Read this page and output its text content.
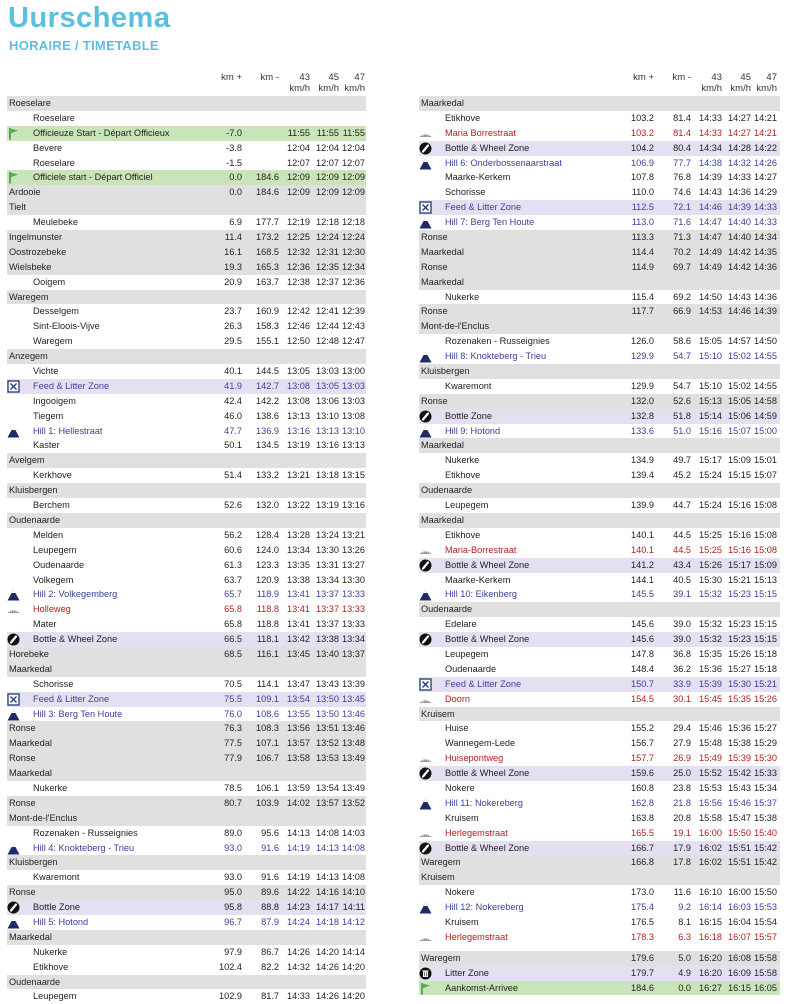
Uurschema
HORAIRE / TIMETABLE
km +	km -	43
km/h
45
km/h
47
km/h
Roeselare
Roeselare
Officieuze Start - Départ Officieux	-7.0	11:55 11:55 11:55
Bevere	-3.8	12:04 12:04 12:04
Roeselare	-1.5	12:07 12:07 12:07
Officiele start - Départ Officiel	0.0	184.6 12:09 12:09 12:09
Ardooie	0.0	184.6 12:09 12:09 12:09
Tielt
Meulebeke	6.9	177.7 12:19 12:18 12:18
Ingelmunster	11.4	173.2 12:25 12:24 12:24
Oostrozebeke	16.1	168.5 12:32 12:31 12:30
Wielsbeke	19.3	165.3 12:36 12:35 12:34
Ooigem	20.9	163.7 12:38 12:37 12:36
Waregem
Desselgem	23.7	160.9 12:42 12:41 12:39
Sint-Eloois-Vijve	26.3	158.3 12:46 12:44 12:43
Waregem	29.5	155.1 12:50 12:48 12:47
Anzegem
Vichte	40.1	144.5 13:05 13:03 13:00
Feed & Litter Zone	41.9	142.7 13:08 13:05 13:03
Ingooigem	42.4	142.2 13:08 13:06 13:03
Tiegem	46.0	138.6 13:13 13:10 13:08
Hill 1: Hellestraat	47.7	136.9 13:16 13:13 13:10
Kaster	50.1	134.5 13:19 13:16 13:13
Avelgem
Kerkhove	51.4	133.2 13:21 13:18 13:15
Kluisbergen
Berchem	52.6	132.0 13:22 13:19 13:16
Oudenaarde
Melden	56.2	128.4 13:28 13:24 13:21
Leupegem	60.6	124.0 13:34 13:30 13:26
Oudenaarde	61.3	123.3 13:35 13:31 13:27
Volkegem	63.7	120.9 13:38 13:34 13:30
Hill 2: Volkegemberg	65.7	118.9 13:41 13:37 13:33
Holleweg	65.8	118.8 13:41 13:37 13:33
Mater	65.8	118.8 13:41 13:37 13:33
Bottle & Wheel Zone	66.5	118.1 13:42 13:38 13:34
Horebeke	68.5	116.1 13:45 13:40 13:37
Maarkedal
Schorisse	70.5	114.1 13:47 13:43 13:39
Feed & Litter Zone	75.5	109.1 13:54 13:50 13:45
Hill 3: Berg Ten Houte	76.0	108.6 13:55 13:50 13:46
Ronse	76.3	108.3 13:56 13:51 13:46
Maarkedal	77.5	107.1 13:57 13:52 13:48
Ronse	77.9	106.7 13:58 13:53 13:49
Maarkedal
Nukerke	78.5	106.1 13:59 13:54 13:49
Ronse	80.7	103.9 14:02 13:57 13:52
Mont-de-l'Enclus
Rozenaken - Russeignies	89.0	95.6 14:13 14:08 14:03
Hill 4: Knokteberg - Trieu	93.0	91.6 14:19 14:13 14:08
Kluisbergen
Kwaremont	93.0	91.6 14:19 14:13 14:08
Ronse	95.0	89.6 14:22 14:16 14:10
Bottle Zone	95.8	88.8 14:23 14:17 14:11
Hill 5: Hotond	96.7	87.9 14:24 14:18 14:12
Maarkedal
Nukerke	97.9	86.7 14:26 14:20 14:14
Etikhove	102.4	82.2 14:32 14:26 14:20
Oudenaarde
Leupegem	102.9	81.7 14:33 14:26 14:20
km +	km -	43
km/h
45
km/h
47
km/h
Maarkedal
Etikhove	103.2	81.4 14:33 14:27 14:21
Maria Borrestraat	103.2	81.4 14:33 14:27 14:21
Bottle & Wheel Zone	104.2	80.4 14:34 14:28 14:22
Hill 6: Onderbossenaarstraat	106.9	77.7 14:38 14:32 14:26
Maarke-Kerkem	107.8	76.8 14:39 14:33 14:27
Schorisse	110.0	74.6 14:43 14:36 14:29
Feed & Litter Zone	112.5	72.1 14:46 14:39 14:33
Hill 7: Berg Ten Houte	113.0	71.6 14:47 14:40 14:33
Ronse	113.3	71.3 14:47 14:40 14:34
Maarkedal	114.4	70.2 14:49 14:42 14:35
Ronse	114.9	69.7 14:49 14:42 14:36
Maarkedal
Nukerke	115.4	69.2 14:50 14:43 14:36
Ronse	117.7	66.9 14:53 14:46 14:39
Mont-de-l'Enclus
Rozenaken - Russeignies	126.0	58.6 15:05 14:57 14:50
Hill 8: Knokteberg - Trieu	129.9	54.7 15:10 15:02 14:55
Kluisbergen
Kwaremont	129.9	54.7 15:10 15:02 14:55
Ronse	132.0	52.6 15:13 15:05 14:58
Bottle Zone	132.8	51.8 15:14 15:06 14:59
Hill 9: Hotond	133.6	51.0 15:16 15:07 15:00
Maarkedal
Nukerke	134.9	49.7 15:17 15:09 15:01
Etikhove	139.4	45.2 15:24 15:15 15:07
Oudenaarde
Leupegem	139.9	44.7 15:24 15:16 15:08
Maarkedal
Etikhove	140.1	44.5 15:25 15:16 15:08
Maria-Borrestraat	140.1	44.5 15:25 15:16 15:08
Bottle & Wheel Zone	141.2	43.4 15:26 15:17 15:09
Maarke-Kerkem	144.1	40.5 15:30 15:21 15:13
Hill 10: Eikenberg	145.5	39.1 15:32 15:23 15:15
Oudenaarde
Edelare	145.6	39.0 15:32 15:23 15:15
Bottle & Wheel Zone	145.6	39.0 15:32 15:23 15:15
Leupegem	147.8	36.8 15:35 15:26 15:18
Oudenaarde	148.4	36.2 15:36 15:27 15:18
Feed & Litter Zone	150.7	33.9 15:39 15:30 15:21
Doorn	154.5	30.1 15:45 15:35 15:26
Kruisem
Huise	155.2	29.4 15:46 15:36 15:27
Wannegem-Lede	156.7	27.9 15:48 15:38 15:29
Huisepontweg	157.7	26.9 15:49 15:39 15:30
Bottle & Wheel Zone	159.6	25.0 15:52 15:42 15:33
Nokere	160.8	23.8 15:53 15:43 15:34
Hill 11: Nokereberg	162.8	21.8 15:56 15:46 15:37
Kruisem	163.8	20.8 15:58 15:47 15:38
Herlegemstraat	165.5	19.1 16:00 15:50 15:40
Bottle & Wheel Zone	166.7	17.9 16:02 15:51 15:42
Waregem	166.8	17.8 16:02 15:51 15:42
Kruisem
Nokere	173.0	11.6 16:10 16:00 15:50
Hill 12: Nokereberg	175.4	9.2 16:14 16:03 15:53
Kruisem	176.5	8.1 16:15 16:04 15:54
Herlegemstraat	178.3	6.3 16:18 16:07 15:57
Waregem	179.6	5.0 16:20 16:08 15:58
Litter Zone	179.7	4.9 16:20 16:09 15:58
Aankomst-Arrivee	184.6	0.0 16:27 16:15 16:05
